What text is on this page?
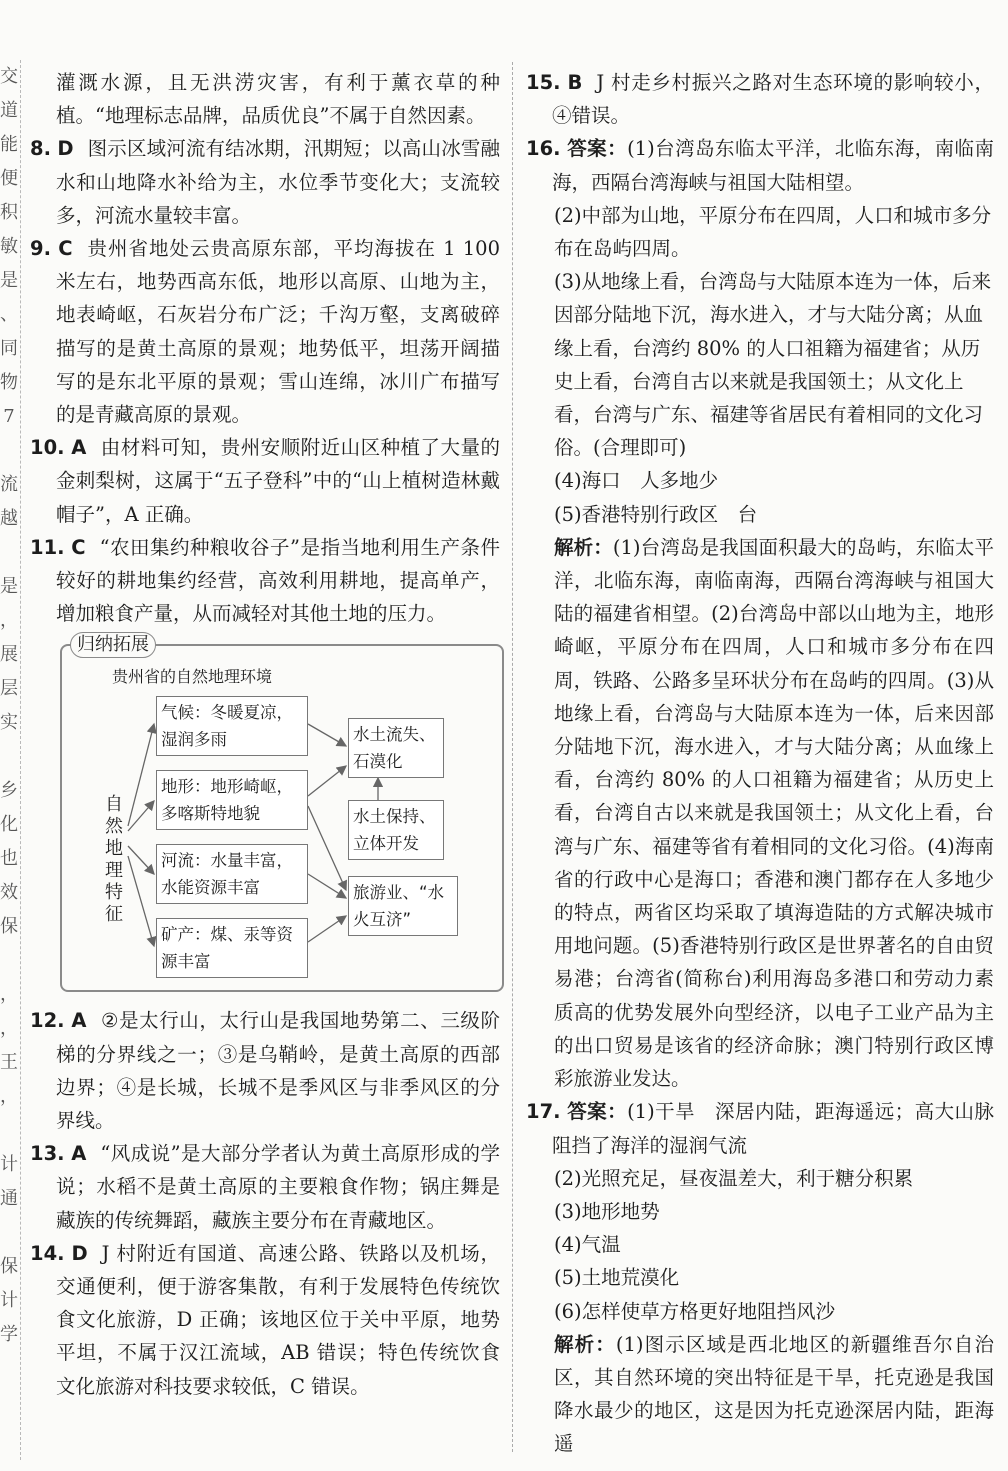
交
道
能
便
积
敏
是
、
同
物
7
流
越
是
，
展
层
实
乡
化
也
效
保
，
，
王
，
计
通
保
计
学

灌溉水源，且无洪涝灾害，有利于薰衣草的种植。“地理标志品牌，品质优良”不属于自然因素。

8. D 图示区域河流有结冰期，汛期短；以高山冰雪融水和山地降水补给为主，水位季节变化大；支流较多，河流水量较丰富。

9. C 贵州省地处云贵高原东部，平均海拔在 1 100 米左右，地势西高东低，地形以高原、山地为主，地表崎岖，石灰岩分布广泛；千沟万壑，支离破碎描写的是黄土高原的景观；地势低平，坦荡开阔描写的是东北平原的景观；雪山连绵，冰川广布描写的是青藏高原的景观。

10. A 由材料可知，贵州安顺附近山区种植了大量的金刺梨树，这属于“五子登科”中的“山上植树造林戴帽子”，A 正确。

11. C “农田集约种粮收谷子”是指当地利用生产条件较好的耕地集约经营，高效利用耕地，提高单产，增加粮食产量，从而减轻对其他土地的压力。

归纳拓展
贵州省的自然地理环境
自然地理特征
气候：冬暖夏凉，湿润多雨
地形：地形崎岖，多喀斯特地貌
河流：水量丰富，水能资源丰富
矿产：煤、汞等资源丰富
水土流失、石漠化
水土保持、立体开发
旅游业、“水火互济”

12. A ②是太行山，太行山是我国地势第二、三级阶梯的分界线之一；③是乌鞘岭，是黄土高原的西部边界；④是长城，长城不是季风区与非季风区的分界线。

13. A “风成说”是大部分学者认为黄土高原形成的学说；水稻不是黄土高原的主要粮食作物；锅庄舞是藏族的传统舞蹈，藏族主要分布在青藏地区。

14. D J 村附近有国道、高速公路、铁路以及机场，交通便利，便于游客集散，有利于发展特色传统饮食文化旅游，D 正确；该地区位于关中平原，地势平坦，不属于汉江流域，AB 错误；特色传统饮食文化旅游对科技要求较低，C 错误。

15. B J 村走乡村振兴之路对生态环境的影响较小，④错误。

16. 答案：(1)台湾岛东临太平洋，北临东海，南临南海，西隔台湾海峡与祖国大陆相望。

(2)中部为山地，平原分布在四周，人口和城市多分布在岛屿四周。

(3)从地缘上看，台湾岛与大陆原本连为一体，后来因部分陆地下沉，海水进入，才与大陆分离；从血缘上看，台湾约 80% 的人口祖籍为福建省；从历史上看，台湾自古以来就是我国领土；从文化上看，台湾与广东、福建等省居民有着相同的文化习俗。(合理即可)

(4)海口　人多地少

(5)香港特别行政区　台

解析：(1)台湾岛是我国面积最大的岛屿，东临太平洋，北临东海，南临南海，西隔台湾海峡与祖国大陆的福建省相望。(2)台湾岛中部以山地为主，地形崎岖，平原分布在四周，人口和城市多分布在四周，铁路、公路多呈环状分布在岛屿的四周。(3)从地缘上看，台湾岛与大陆原本连为一体，后来因部分陆地下沉，海水进入，才与大陆分离；从血缘上看，台湾约 80% 的人口祖籍为福建省；从历史上看，台湾自古以来就是我国领土；从文化上看，台湾与广东、福建等省有着相同的文化习俗。(4)海南省的行政中心是海口；香港和澳门都存在人多地少的特点，两省区均采取了填海造陆的方式解决城市用地问题。(5)香港特别行政区是世界著名的自由贸易港；台湾省(简称台)利用海岛多港口和劳动力素质高的优势发展外向型经济，以电子工业产品为主的出口贸易是该省的经济命脉；澳门特别行政区博彩旅游业发达。

17. 答案：(1)干旱　深居内陆，距海遥远；高大山脉阻挡了海洋的湿润气流

(2)光照充足，昼夜温差大，利于糖分积累

(3)地形地势

(4)气温

(5)土地荒漠化

(6)怎样使草方格更好地阻挡风沙

解析：(1)图示区域是西北地区的新疆维吾尔自治区，其自然环境的突出特征是干旱，托克逊是我国降水最少的地区，这是因为托克逊深居内陆，距海遥
